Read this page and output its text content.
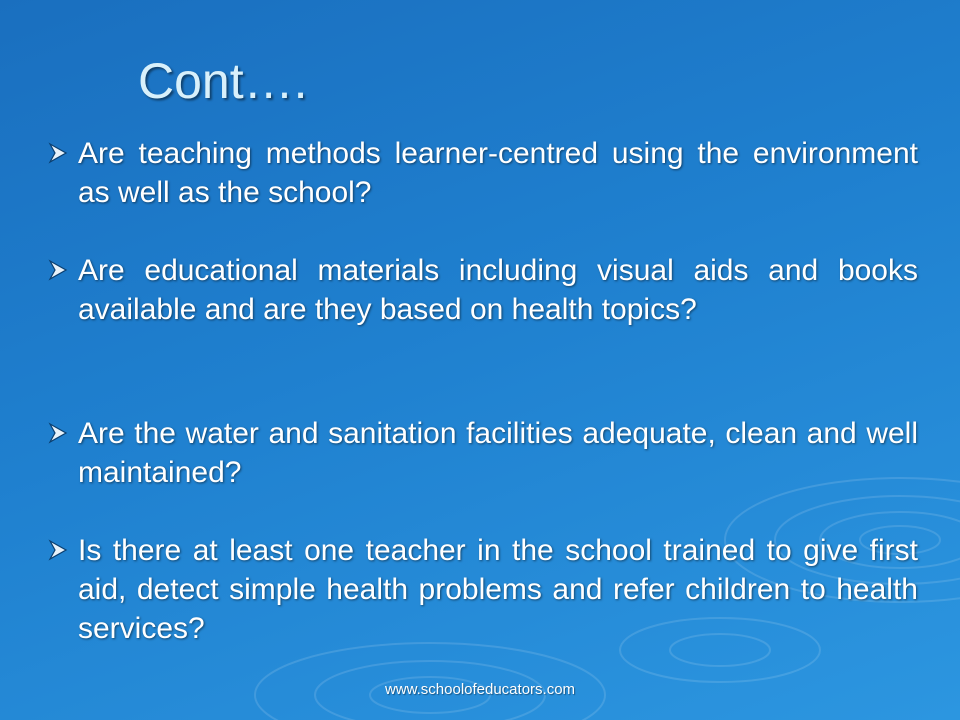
Cont….
Are teaching methods learner-centred using the environment as well as the school?
Are educational materials including visual aids and books available and are they based on health topics?
Are the water and sanitation facilities adequate, clean and well maintained?
Is there at least one teacher in the school trained to give first aid, detect simple health problems and refer children to health services?
www.schoolofeducators.com
